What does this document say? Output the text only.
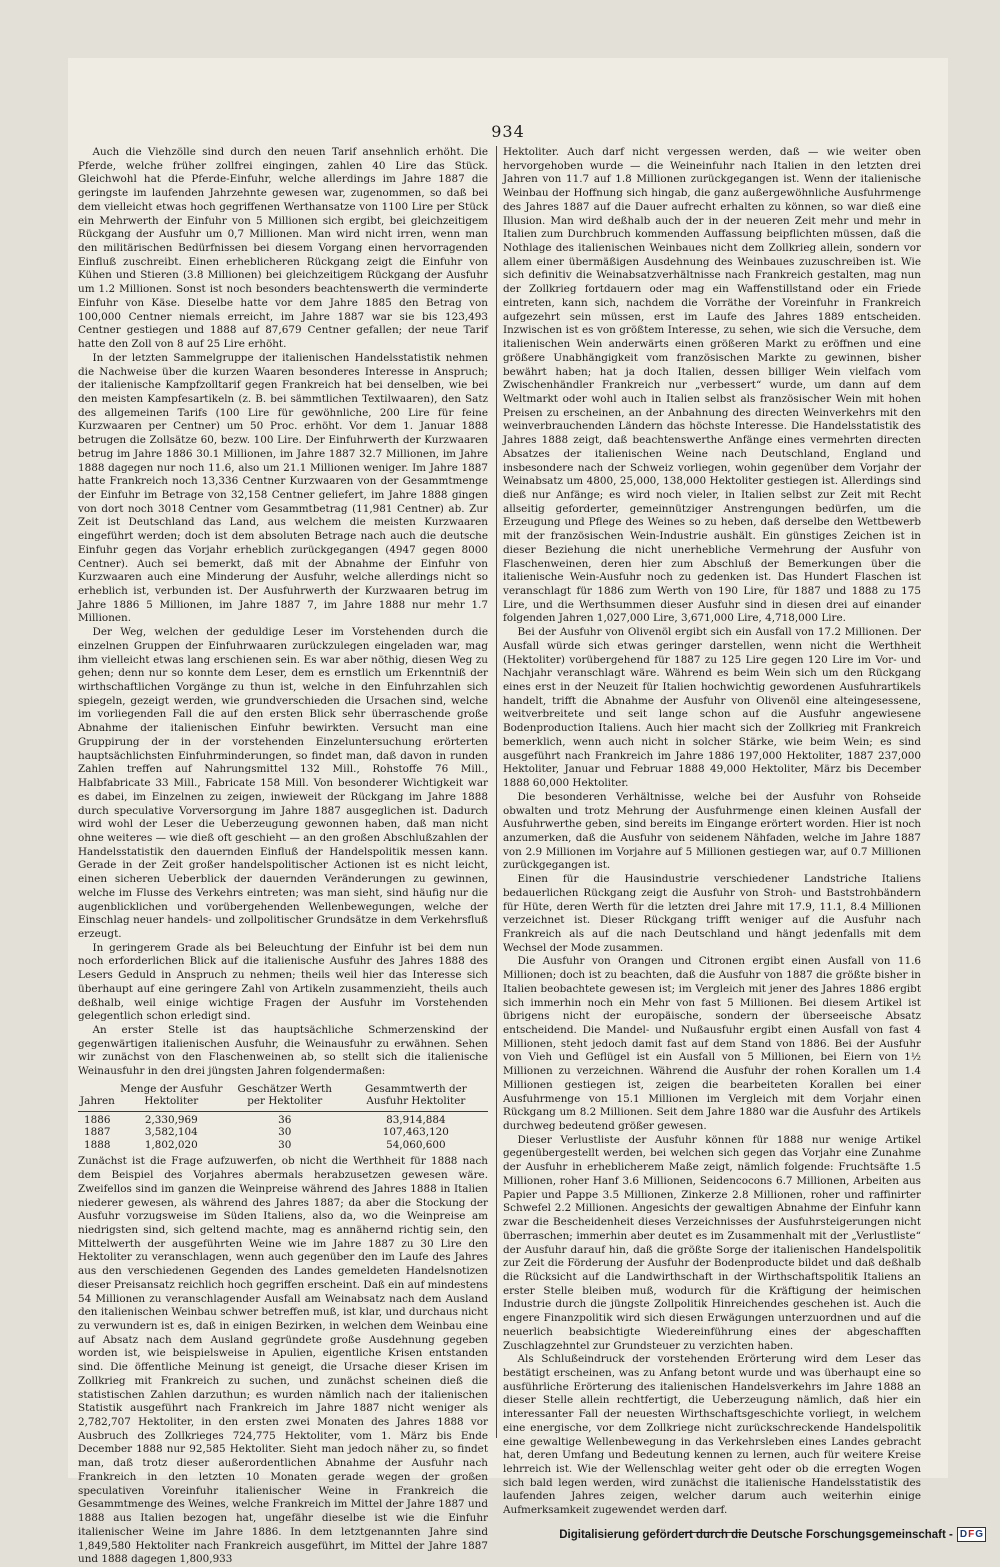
934

Auch die Viehzölle sind durch den neuen Tarif ansehnlich erhöht. Die Pferde, welche früher zollfrei eingingen, zahlen 40 Lire das Stück. Gleichwohl hat die Pferde-Einfuhr, welche allerdings im Jahre 1887 die geringste im laufenden Jahrzehnte gewesen war, zugenommen, so daß bei dem vielleicht etwas hoch gegriffenen Werthansatze von 1100 Lire per Stück ein Mehrwerth der Einfuhr von 5 Millionen sich ergibt, bei gleichzeitigem Rückgang der Ausfuhr um 0,7 Millionen. Man wird nicht irren, wenn man den militärischen Bedürfnissen bei diesem Vorgang einen hervorragenden Einfluß zuschreibt. Einen erheblicheren Rückgang zeigt die Einfuhr von Kühen und Stieren (3.8 Millionen) bei gleichzeitigem Rückgang der Ausfuhr um 1.2 Millionen. Sonst ist noch besonders beachtenswerth die verminderte Einfuhr von Käse. Dieselbe hatte vor dem Jahre 1885 den Betrag von 100,000 Centner niemals erreicht, im Jahre 1887 war sie bis 123,493 Centner gestiegen und 1888 auf 87,679 Centner gefallen; der neue Tarif hatte den Zoll von 8 auf 25 Lire erhöht.

In der letzten Sammelgruppe der italienischen Handelsstatistik nehmen die Nachweise über die kurzen Waaren besonderes Interesse in Anspruch; der italienische Kampfzolltarif gegen Frankreich hat bei denselben, wie bei den meisten Kampfesartikeln (z. B. bei sämmtlichen Textilwaaren), den Satz des allgemeinen Tarifs (100 Lire für gewöhnliche, 200 Lire für feine Kurzwaaren per Centner) um 50 Proc. erhöht. Vor dem 1. Januar 1888 betrugen die Zollsätze 60, bezw. 100 Lire. Der Einfuhrwerth der Kurzwaaren betrug im Jahre 1886 30.1 Millionen, im Jahre 1887 32.7 Millionen, im Jahre 1888 dagegen nur noch 11.6, also um 21.1 Millionen weniger. Im Jahre 1887 hatte Frankreich noch 13,336 Centner Kurzwaaren von der Gesammtmenge der Einfuhr im Betrage von 32,158 Centner geliefert, im Jahre 1888 gingen von dort noch 3018 Centner vom Gesammtbetrag (11,981 Centner) ab. Zur Zeit ist Deutschland das Land, aus welchem die meisten Kurzwaaren eingeführt werden; doch ist dem absoluten Betrage nach auch die deutsche Einfuhr gegen das Vorjahr erheblich zurückgegangen (4947 gegen 8000 Centner). Auch sei bemerkt, daß mit der Abnahme der Einfuhr von Kurzwaaren auch eine Minderung der Ausfuhr, welche allerdings nicht so erheblich ist, verbunden ist. Der Ausfuhrwerth der Kurzwaaren betrug im Jahre 1886 5 Millionen, im Jahre 1887 7, im Jahre 1888 nur mehr 1.7 Millionen.

Der Weg, welchen der geduldige Leser im Vorstehenden durch die einzelnen Gruppen der Einfuhrwaaren zurückzulegen eingeladen war, mag ihm vielleicht etwas lang erschienen sein. Es war aber nöthig, diesen Weg zu gehen; denn nur so konnte dem Leser, dem es ernstlich um Erkenntniß der wirthschaftlichen Vorgänge zu thun ist, welche in den Einfuhrzahlen sich spiegeln, gezeigt werden, wie grundverschieden die Ursachen sind, welche im vorliegenden Fall die auf den ersten Blick sehr überraschende große Abnahme der italienischen Einfuhr bewirkten. Versucht man eine Gruppirung der in der vorstehenden Einzeluntersuchung erörterten hauptsächlichsten Einfuhrminderungen, so findet man, daß davon in runden Zahlen treffen auf Nahrungsmittel 132 Mill., Rohstoffe 76 Mill., Halbfabricate 33 Mill., Fabricate 158 Mill. Von besonderer Wichtigkeit war es dabei, im Einzelnen zu zeigen, inwieweit der Rückgang im Jahre 1888 durch speculative Vorversorgung im Jahre 1887 ausgeglichen ist. Dadurch wird wohl der Leser die Ueberzeugung gewonnen haben, daß man nicht ohne weiteres — wie dieß oft geschieht — an den großen Abschlußzahlen der Handelsstatistik den dauernden Einfluß der Handelspolitik messen kann. Gerade in der Zeit großer handelspolitischer Actionen ist es nicht leicht, einen sicheren Ueberblick der dauernden Veränderungen zu gewinnen, welche im Flusse des Verkehrs eintreten; was man sieht, sind häufig nur die augenblicklichen und vorübergehenden Wellenbewegungen, welche der Einschlag neuer handels- und zollpolitischer Grundsätze in dem Verkehrsfluß erzeugt.

In geringerem Grade als bei Beleuchtung der Einfuhr ist bei dem nun noch erforderlichen Blick auf die italienische Ausfuhr des Jahres 1888 des Lesers Geduld in Anspruch zu nehmen; theils weil hier das Interesse sich überhaupt auf eine geringere Zahl von Artikeln zusammenzieht, theils auch deßhalb, weil einige wichtige Fragen der Ausfuhr im Vorstehenden gelegentlich schon erledigt sind.

An erster Stelle ist das hauptsächliche Schmerzenskind der gegenwärtigen italienischen Ausfuhr, die Weinausfuhr zu erwähnen. Sehen wir zunächst von den Flaschenweinen ab, so stellt sich die italienische Weinausfuhr in den drei jüngsten Jahren folgendermaßen:

Jahren	Menge der Ausfuhr Hektoliter	Geschätzer Werth per Hektoliter	Gesammtwerth der Ausfuhr Hektoliter
1886	2,330,969	36	83,914,884
1887	3,582,104	30	107,463,120
1888	1,802,020	30	54,060,600

Zunächst ist die Frage aufzuwerfen, ob nicht die Werthheit für 1888 nach dem Beispiel des Vorjahres abermals herabzusetzen gewesen wäre. Zweifellos sind im ganzen die Weinpreise während des Jahres 1888 in Italien niederer gewesen, als während des Jahres 1887; da aber die Stockung der Ausfuhr vorzugsweise im Süden Italiens, also da, wo die Weinpreise am niedrigsten sind, sich geltend machte, mag es annähernd richtig sein, den Mittelwerth der ausgeführten Weine wie im Jahre 1887 zu 30 Lire den Hektoliter zu veranschlagen, wenn auch gegenüber den im Laufe des Jahres aus den verschiedenen Gegenden des Landes gemeldeten Handelsnotizen dieser Preisansatz reichlich hoch gegriffen erscheint. Daß ein auf mindestens 54 Millionen zu veranschlagender Ausfall am Weinabsatz nach dem Ausland den italienischen Weinbau schwer betreffen muß, ist klar, und durchaus nicht zu verwundern ist es, daß in einigen Bezirken, in welchen dem Weinbau eine auf Absatz nach dem Ausland gegründete große Ausdehnung gegeben worden ist, wie beispielsweise in Apulien, eigentliche Krisen entstanden sind. Die öffentliche Meinung ist geneigt, die Ursache dieser Krisen im Zollkrieg mit Frankreich zu suchen, und zunächst scheinen dieß die statistischen Zahlen darzuthun; es wurden nämlich nach der italienischen Statistik ausgeführt nach Frankreich im Jahre 1887 nicht weniger als 2,782,707 Hektoliter, in den ersten zwei Monaten des Jahres 1888 vor Ausbruch des Zollkrieges 724,775 Hektoliter, vom 1. März bis Ende December 1888 nur 92,585 Hektoliter. Sieht man jedoch näher zu, so findet man, daß trotz dieser außerordentlichen Abnahme der Ausfuhr nach Frankreich in den letzten 10 Monaten gerade wegen der großen speculativen Voreinfuhr italienischer Weine in Frankreich die Gesammtmenge des Weines, welche Frankreich im Mittel der Jahre 1887 und 1888 aus Italien bezogen hat, ungefähr dieselbe ist wie die Einfuhr italienischer Weine im Jahre 1886. In dem letztgenannten Jahre sind 1,849,580 Hektoliter nach Frankreich ausgeführt, im Mittel der Jahre 1887 und 1888 dagegen 1,800,933

Hektoliter. Auch darf nicht vergessen werden, daß — wie weiter oben hervorgehoben wurde — die Weineinfuhr nach Italien in den letzten drei Jahren von 11.7 auf 1.8 Millionen zurückgegangen ist. Wenn der italienische Weinbau der Hoffnung sich hingab, die ganz außergewöhnliche Ausfuhrmenge des Jahres 1887 auf die Dauer aufrecht erhalten zu können, so war dieß eine Illusion. Man wird deßhalb auch der in der neueren Zeit mehr und mehr in Italien zum Durchbruch kommenden Auffassung beipflichten müssen, daß die Nothlage des italienischen Weinbaues nicht dem Zollkrieg allein, sondern vor allem einer übermäßigen Ausdehnung des Weinbaues zuzuschreiben ist. Wie sich definitiv die Weinabsatzverhältnisse nach Frankreich gestalten, mag nun der Zollkrieg fortdauern oder mag ein Waffenstillstand oder ein Friede eintreten, kann sich, nachdem die Vorräthe der Voreinfuhr in Frankreich aufgezehrt sein müssen, erst im Laufe des Jahres 1889 entscheiden. Inzwischen ist es von größtem Interesse, zu sehen, wie sich die Versuche, dem italienischen Wein anderwärts einen größeren Markt zu eröffnen und eine größere Unabhängigkeit vom französischen Markte zu gewinnen, bisher bewährt haben; hat ja doch Italien, dessen billiger Wein vielfach vom Zwischenhändler Frankreich nur „verbessert“ wurde, um dann auf dem Weltmarkt oder wohl auch in Italien selbst als französischer Wein mit hohen Preisen zu erscheinen, an der Anbahnung des directen Weinverkehrs mit den weinverbrauchenden Ländern das höchste Interesse. Die Handelsstatistik des Jahres 1888 zeigt, daß beachtenswerthe Anfänge eines vermehrten directen Absatzes der italienischen Weine nach Deutschland, England und insbesondere nach der Schweiz vorliegen, wohin gegenüber dem Vorjahr der Weinabsatz um 4800, 25,000, 138,000 Hektoliter gestiegen ist. Allerdings sind dieß nur Anfänge; es wird noch vieler, in Italien selbst zur Zeit mit Recht allseitig geforderter, gemeinnütziger Anstrengungen bedürfen, um die Erzeugung und Pflege des Weines so zu heben, daß derselbe den Wettbewerb mit der französischen Wein-Industrie aushält. Ein günstiges Zeichen ist in dieser Beziehung die nicht unerhebliche Vermehrung der Ausfuhr von Flaschenweinen, deren hier zum Abschluß der Bemerkungen über die italienische Wein-Ausfuhr noch zu gedenken ist. Das Hundert Flaschen ist veranschlagt für 1886 zum Werth von 190 Lire, für 1887 und 1888 zu 175 Lire, und die Werthsummen dieser Ausfuhr sind in diesen drei auf einander folgenden Jahren 1,027,000 Lire, 3,671,000 Lire, 4,718,000 Lire.

Bei der Ausfuhr von Olivenöl ergibt sich ein Ausfall von 17.2 Millionen. Der Ausfall würde sich etwas geringer darstellen, wenn nicht die Werthheit (Hektoliter) vorübergehend für 1887 zu 125 Lire gegen 120 Lire im Vor- und Nachjahr veranschlagt wäre. Während es beim Wein sich um den Rückgang eines erst in der Neuzeit für Italien hochwichtig gewordenen Ausfuhrartikels handelt, trifft die Abnahme der Ausfuhr von Olivenöl eine alteingesessene, weitverbreitete und seit lange schon auf die Ausfuhr angewiesene Bodenproduction Italiens. Auch hier macht sich der Zollkrieg mit Frankreich bemerklich, wenn auch nicht in solcher Stärke, wie beim Wein; es sind ausgeführt nach Frankreich im Jahre 1886 197,000 Hektoliter, 1887 237,000 Hektoliter, Januar und Februar 1888 49,000 Hektoliter, März bis December 1888 60,000 Hektoliter.

Die besonderen Verhältnisse, welche bei der Ausfuhr von Rohseide obwalten und trotz Mehrung der Ausfuhrmenge einen kleinen Ausfall der Ausfuhrwerthe geben, sind bereits im Eingange erörtert worden. Hier ist noch anzumerken, daß die Ausfuhr von seidenem Nähfaden, welche im Jahre 1887 von 2.9 Millionen im Vorjahre auf 5 Millionen gestiegen war, auf 0.7 Millionen zurückgegangen ist.

Einen für die Hausindustrie verschiedener Landstriche Italiens bedauerlichen Rückgang zeigt die Ausfuhr von Stroh- und Baststrohbändern für Hüte, deren Werth für die letzten drei Jahre mit 17.9, 11.1, 8.4 Millionen verzeichnet ist. Dieser Rückgang trifft weniger auf die Ausfuhr nach Frankreich als auf die nach Deutschland und hängt jedenfalls mit dem Wechsel der Mode zusammen.

Die Ausfuhr von Orangen und Citronen ergibt einen Ausfall von 11.6 Millionen; doch ist zu beachten, daß die Ausfuhr von 1887 die größte bisher in Italien beobachtete gewesen ist; im Vergleich mit jener des Jahres 1886 ergibt sich immerhin noch ein Mehr von fast 5 Millionen. Bei diesem Artikel ist übrigens nicht der europäische, sondern der überseeische Absatz entscheidend. Die Mandel- und Nußausfuhr ergibt einen Ausfall von fast 4 Millionen, steht jedoch damit fast auf dem Stand von 1886. Bei der Ausfuhr von Vieh und Geflügel ist ein Ausfall von 5 Millionen, bei Eiern von 1½ Millionen zu verzeichnen. Während die Ausfuhr der rohen Korallen um 1.4 Millionen gestiegen ist, zeigen die bearbeiteten Korallen bei einer Ausfuhrmenge von 15.1 Millionen im Vergleich mit dem Vorjahr einen Rückgang um 8.2 Millionen. Seit dem Jahre 1880 war die Ausfuhr des Artikels durchweg bedeutend größer gewesen.

Dieser Verlustliste der Ausfuhr können für 1888 nur wenige Artikel gegenübergestellt werden, bei welchen sich gegen das Vorjahr eine Zunahme der Ausfuhr in erheblicherem Maße zeigt, nämlich folgende: Fruchtsäfte 1.5 Millionen, roher Hanf 3.6 Millionen, Seidencocons 6.7 Millionen, Arbeiten aus Papier und Pappe 3.5 Millionen, Zinkerze 2.8 Millionen, roher und raffinirter Schwefel 2.2 Millionen. Angesichts der gewaltigen Abnahme der Einfuhr kann zwar die Bescheidenheit dieses Verzeichnisses der Ausfuhrsteigerungen nicht überraschen; immerhin aber deutet es im Zusammenhalt mit der „Verlustliste“ der Ausfuhr darauf hin, daß die größte Sorge der italienischen Handelspolitik zur Zeit die Förderung der Ausfuhr der Bodenproducte bildet und daß deßhalb die Rücksicht auf die Landwirthschaft in der Wirthschaftspolitik Italiens an erster Stelle bleiben muß, wodurch für die Kräftigung der heimischen Industrie durch die jüngste Zollpolitik Hinreichendes geschehen ist. Auch die engere Finanzpolitik wird sich diesen Erwägungen unterzuordnen und auf die neuerlich beabsichtigte Wiedereinführung eines der abgeschafften Zuschlagzehntel zur Grundsteuer zu verzichten haben.

Als Schlußeindruck der vorstehenden Erörterung wird dem Leser das bestätigt erscheinen, was zu Anfang betont wurde und was überhaupt eine so ausführliche Erörterung des italienischen Handelsverkehrs im Jahre 1888 an dieser Stelle allein rechtfertigt, die Ueberzeugung nämlich, daß hier ein interessanter Fall der neuesten Wirthschaftsgeschichte vorliegt, in welchem eine energische, vor dem Zollkriege nicht zurückschreckende Handelspolitik eine gewaltige Wellenbewegung in das Verkehrsleben eines Landes gebracht hat, deren Umfang und Bedeutung kennen zu lernen, auch für weitere Kreise lehrreich ist. Wie der Wellenschlag weiter geht oder ob die erregten Wogen sich bald legen werden, wird zunächst die italienische Handelsstatistik des laufenden Jahres zeigen, welcher darum auch weiterhin einige Aufmerksamkeit zugewendet werden darf.

Digitalisierung gefördert durch die Deutsche Forschungsgemeinschaft - D F G
